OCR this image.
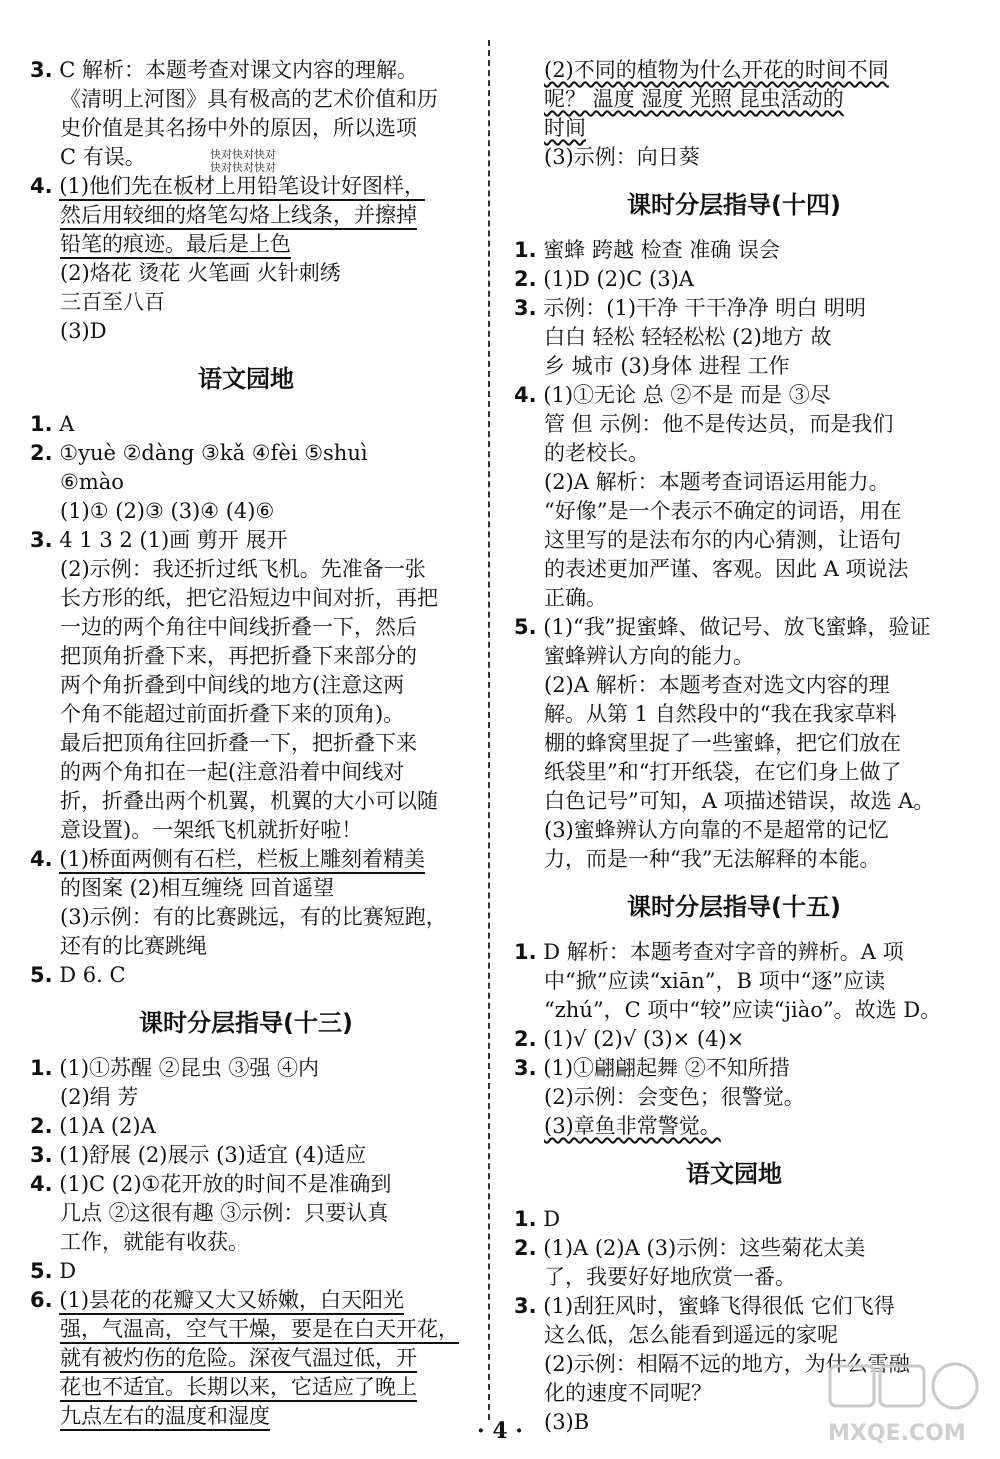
3. C 解析：本题考查对课文内容的理解。
《清明上河图》具有极高的艺术价值和历
史价值是其名扬中外的原因，所以选项
C 有误。
4. (1)他们先在板材上用铅笔设计好图样，
然后用较细的烙笔勾烙上线条，并擦掉
铅笔的痕迹。最后是上色
(2)烙花 烫花 火笔画 火针刺绣
三百至八百
(3)D
语文园地
1. A
2. ①yuè ②dàng ③kǎ ④fèi ⑤shuì
⑥mào
(1)① (2)③ (3)④ (4)⑥
3. 4 1 3 2 (1)画 剪开 展开
(2)示例：我还折过纸飞机。先准备一张
长方形的纸，把它沿短边中间对折，再把
一边的两个角往中间线折叠一下，然后
把顶角折叠下来，再把折叠下来部分的
两个角折叠到中间线的地方(注意这两
个角不能超过前面折叠下来的顶角)。
最后把顶角往回折叠一下，把折叠下来
的两个角扣在一起(注意沿着中间线对
折，折叠出两个机翼，机翼的大小可以随
意设置)。一架纸飞机就折好啦！
4. (1)桥面两侧有石栏，栏板上雕刻着精美
的图案 (2)相互缠绕 回首遥望
(3)示例：有的比赛跳远，有的比赛短跑，
还有的比赛跳绳
5. D 6. C
课时分层指导(十三)
1. (1)①苏醒 ②昆虫 ③强 ④内
(2)绢 芳
2. (1)A (2)A
3. (1)舒展 (2)展示 (3)适宜 (4)适应
4. (1)C (2)①花开放的时间不是准确到
几点 ②这很有趣 ③示例：只要认真
工作，就能有收获。
5. D
6. (1)昙花的花瓣又大又娇嫩，白天阳光
强，气温高，空气干燥，要是在白天开花，
就有被灼伤的危险。深夜气温过低，开
花也不适宜。长期以来，它适应了晚上
九点左右的温度和湿度
(2)不同的植物为什么开花的时间不同
呢？ 温度 湿度 光照 昆虫活动的
时间
(3)示例：向日葵
课时分层指导(十四)
1. 蜜蜂 跨越 检查 准确 误会
2. (1)D (2)C (3)A
3. 示例：(1)干净 干干净净 明白 明明
白白 轻松 轻轻松松 (2)地方 故
乡 城市 (3)身体 进程 工作
4. (1)①无论 总 ②不是 而是 ③尽
管 但 示例：他不是传达员，而是我们
的老校长。
(2)A 解析：本题考查词语运用能力。
“好像”是一个表示不确定的词语，用在
这里写的是法布尔的内心猜测，让语句
的表述更加严谨、客观。因此 A 项说法
正确。
5. (1)“我”捉蜜蜂、做记号、放飞蜜蜂，验证
蜜蜂辨认方向的能力。
(2)A 解析：本题考查对选文内容的理
解。从第 1 自然段中的“我在我家草料
棚的蜂窝里捉了一些蜜蜂，把它们放在
纸袋里”和“打开纸袋，在它们身上做了
白色记号”可知，A 项描述错误，故选 A。
(3)蜜蜂辨认方向靠的不是超常的记忆
力，而是一种“我”无法解释的本能。
课时分层指导(十五)
1. D 解析：本题考查对字音的辨析。A 项
中“掀”应读“xiān”，B 项中“逐”应读
“zhú”，C 项中“较”应读“jiào”。故选 D。
2. (1)√ (2)√ (3)× (4)×
3. (1)①翩翩起舞 ②不知所措
(2)示例：会变色；很警觉。
(3)章鱼非常警觉。
语文园地
1. D
2. (1)A (2)A (3)示例：这些菊花太美
了，我要好好地欣赏一番。
3. (1)刮狂风时，蜜蜂飞得很低 它们飞得
这么低，怎么能看到遥远的家呢
(2)示例：相隔不远的地方，为什么雪融
化的速度不同呢？
(3)B
快对快对快对 快对快对快对
· 4 ·	MXQE.COM
